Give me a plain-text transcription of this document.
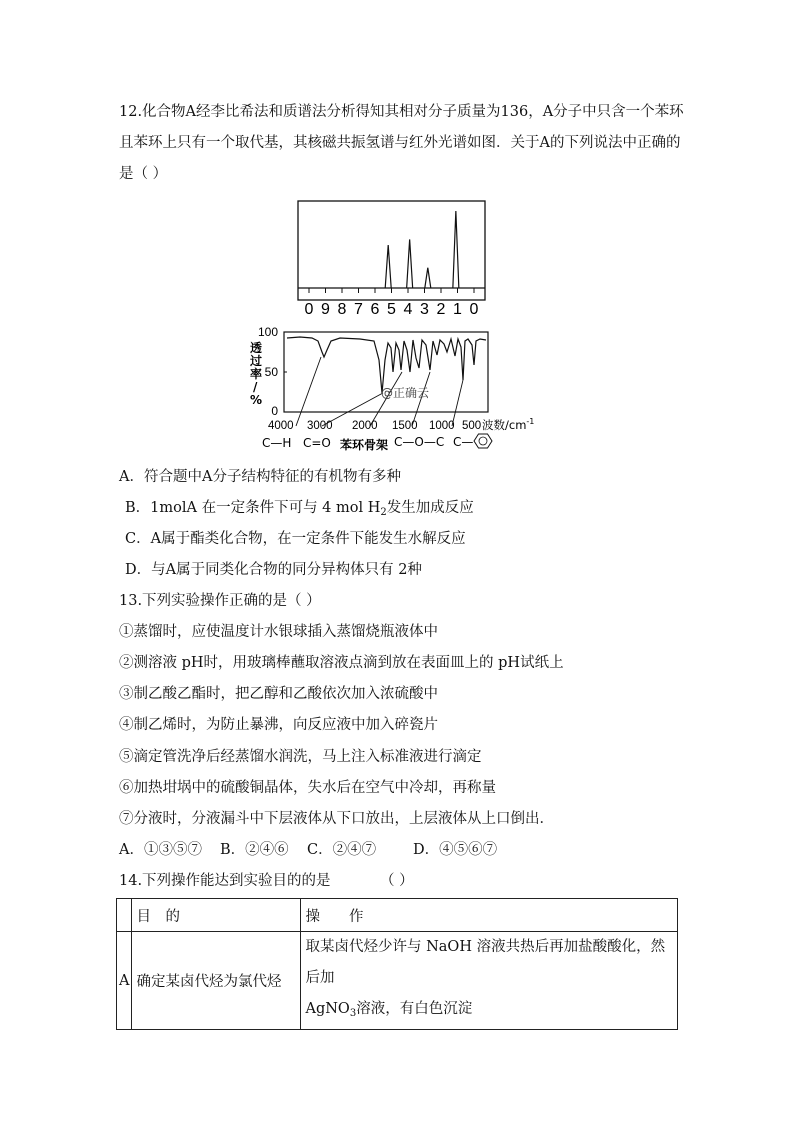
12.化合物A经李比希法和质谱法分析得知其相对分子质量为136，A分子中只含一个苯环
且苯环上只有一个取代基，其核磁共振氢谱与红外光谱如图．关于A的下列说法中正确的
是（ ）
0 9 8 7 6 5 4 3 2 1 0
100
50
0
透
过
率
/
%	@正确云
4000 3000 2000 1500 1000 500 波数$/cm^{-1}$
C—H C=O 苯环骨架 C—O—C C—
A．符合题中A分子结构特征的有机物有多种
B．1molA 在一定条件下可与 4 mol $H_2$发生加成反应
C．A属于酯类化合物，在一定条件下能发生水解反应
D．与A属于同类化合物的同分异构体只有 2种
13.下列实验操作正确的是（ ）
①蒸馏时，应使温度计水银球插入蒸馏烧瓶液体中
②测溶液 pH时，用玻璃棒蘸取溶液点滴到放在表面皿上的 pH试纸上
③制乙酸乙酯时，把乙醇和乙酸依次加入浓硫酸中
④制乙烯时，为防止暴沸，向反应液中加入碎瓷片
⑤滴定管洗净后经蒸馏水润洗，马上注入标准液进行滴定
⑥加热坩埚中的硫酸铜晶体，失水后在空气中冷却，再称量
⑦分液时，分液漏斗中下层液体从下口放出，上层液体从上口倒出．
A．①③⑤⑦ B．②④⑥ C．②④⑦	D．④⑤⑥⑦
14.下列操作能达到实验目的的是	（ ）
	目　的	操　　作
A	确定某卤代烃为氯代烃	取某卤代烃少许与 NaOH 溶液共热后再加盐酸酸化，然后加
AgNO$_3$溶液，有白色沉淀
